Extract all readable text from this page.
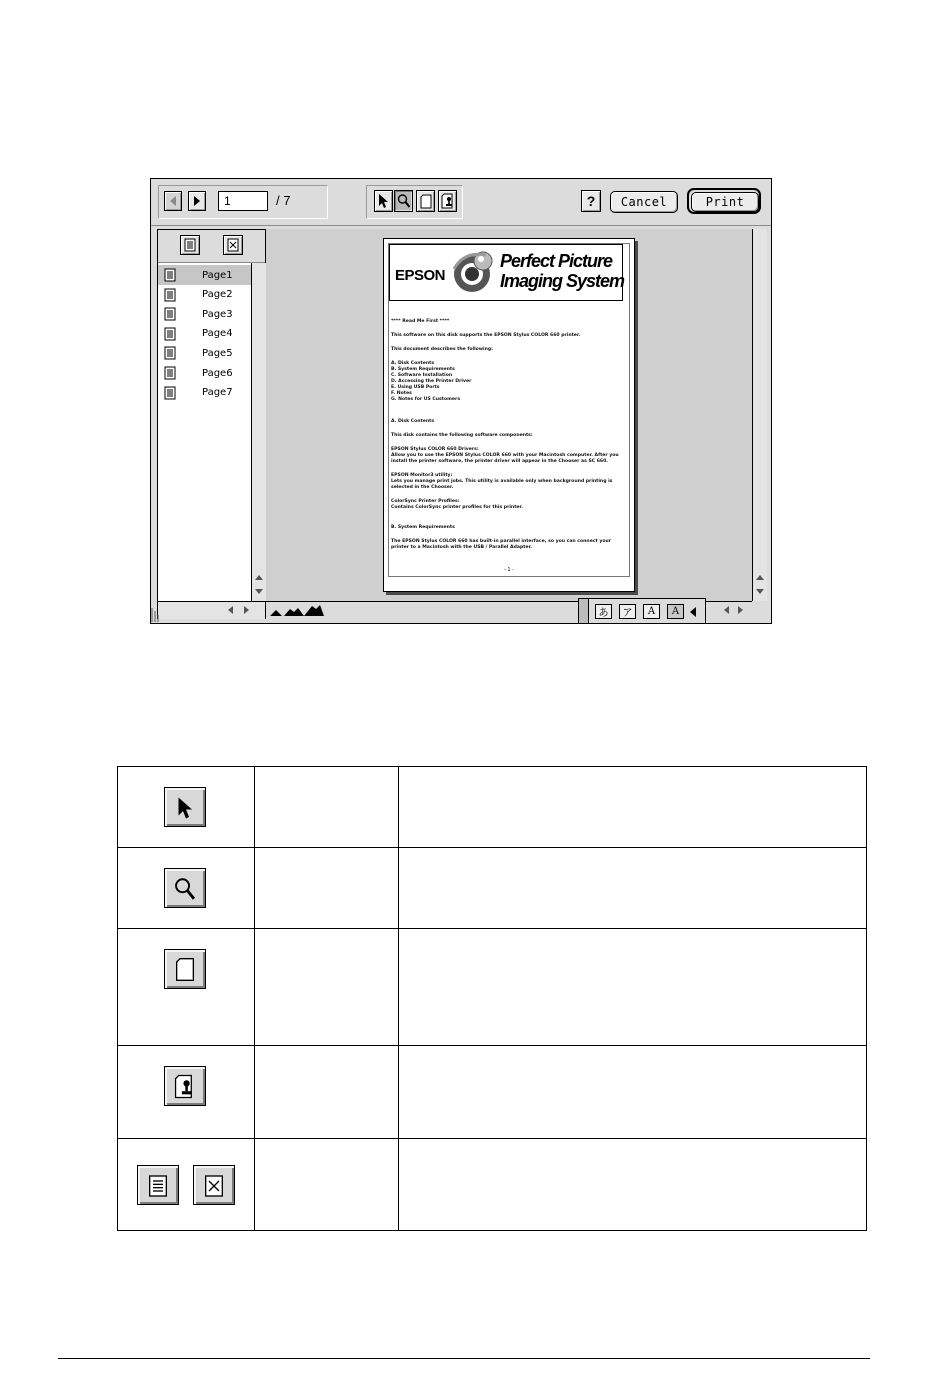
1	/ 7	?	Cancel	Print
Page1
Page2
Page3
Page4
Page5
Page6
Page7
EPSON
Perfect Picture
Imaging System
**** Read Me First ****
This software on this disk supports the EPSON Stylus COLOR 660 printer.
This document describes the following:
A. Disk Contents
B. System Requirements
C. Software Installation
D. Accessing the Printer Driver
E. Using USB Ports
F. Notes
G. Notes for US Customers
A. Disk Contents
This disk contains the following software components:
EPSON Stylus COLOR 660 Drivers:
Allow you to use the EPSON Stylus COLOR 660 with your Macintosh computer. After you
install the printer software, the printer driver will appear in the Chooser as SC 660.
EPSON Monitor3 utility:
Lets you manage print jobs. This utility is available only when background printing is
selected in the Chooser.
ColorSync Printer Profiles:
Contains ColorSync printer profiles for this printer.
B. System Requirements
The EPSON Stylus COLOR 660 has built-in parallel interface, so you can connect your
printer to a Macintosh with the USB / Parallel Adapter.
- 1 -
あ	ア	A	A
